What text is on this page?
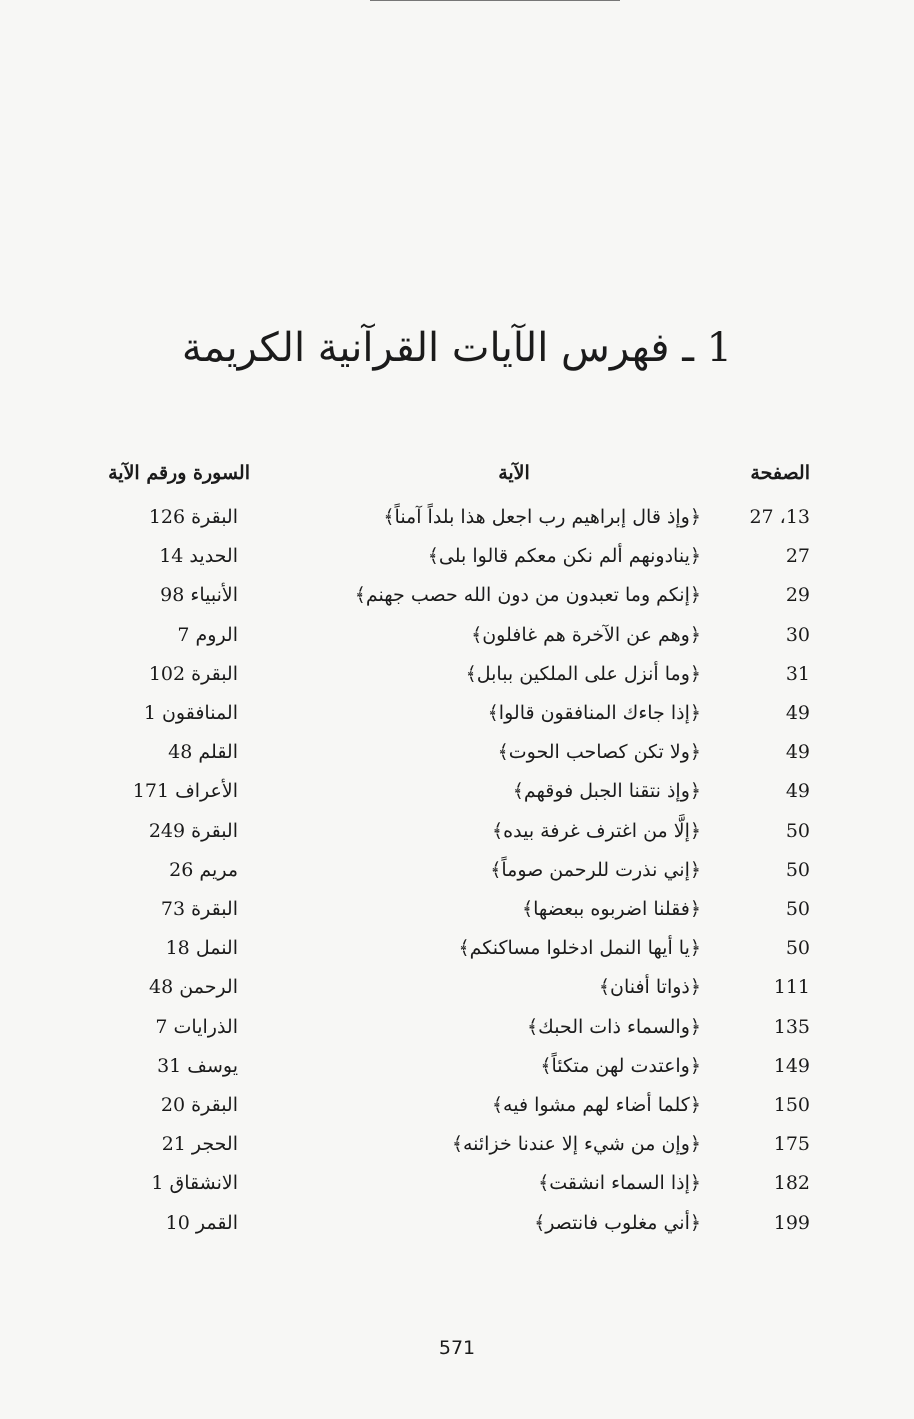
1 ـ فهرس الآيات القرآنية الكريمة
الصفحة
الآية
السورة ورقم الآية
13، 27
﴿وإذ قال إبراهيم رب اجعل هذا بلداً آمناً﴾
البقرة 126
27
﴿ينادونهم ألم نكن معكم قالوا بلى﴾
الحديد 14
29
﴿إنكم وما تعبدون من دون الله حصب جهنم﴾
الأنبياء 98
30
﴿وهم عن الآخرة هم غافلون﴾
الروم 7
31
﴿وما أنزل على الملكين ببابل﴾
البقرة 102
49
﴿إذا جاءك المنافقون قالوا﴾
المنافقون 1
49
﴿ولا تكن كصاحب الحوت﴾
القلم 48
49
﴿وإذ نتقنا الجبل فوقهم﴾
الأعراف 171
50
﴿إلَّا من اغترف غرفة بيده﴾
البقرة 249
50
﴿إني نذرت للرحمن صوماً﴾
مريم 26
50
﴿فقلنا اضربوه ببعضها﴾
البقرة 73
50
﴿يا أيها النمل ادخلوا مساكنكم﴾
النمل 18
111
﴿ذواتا أفنان﴾
الرحمن 48
135
﴿والسماء ذات الحبك﴾
الذرايات 7
149
﴿واعتدت لهن متكئاً﴾
يوسف 31
150
﴿كلما أضاء لهم مشوا فيه﴾
البقرة 20
175
﴿وإن من شيء إلا عندنا خزائنه﴾
الحجر 21
182
﴿إذا السماء انشقت﴾
الانشقاق 1
199
﴿أني مغلوب فانتصر﴾
القمر 10
571
